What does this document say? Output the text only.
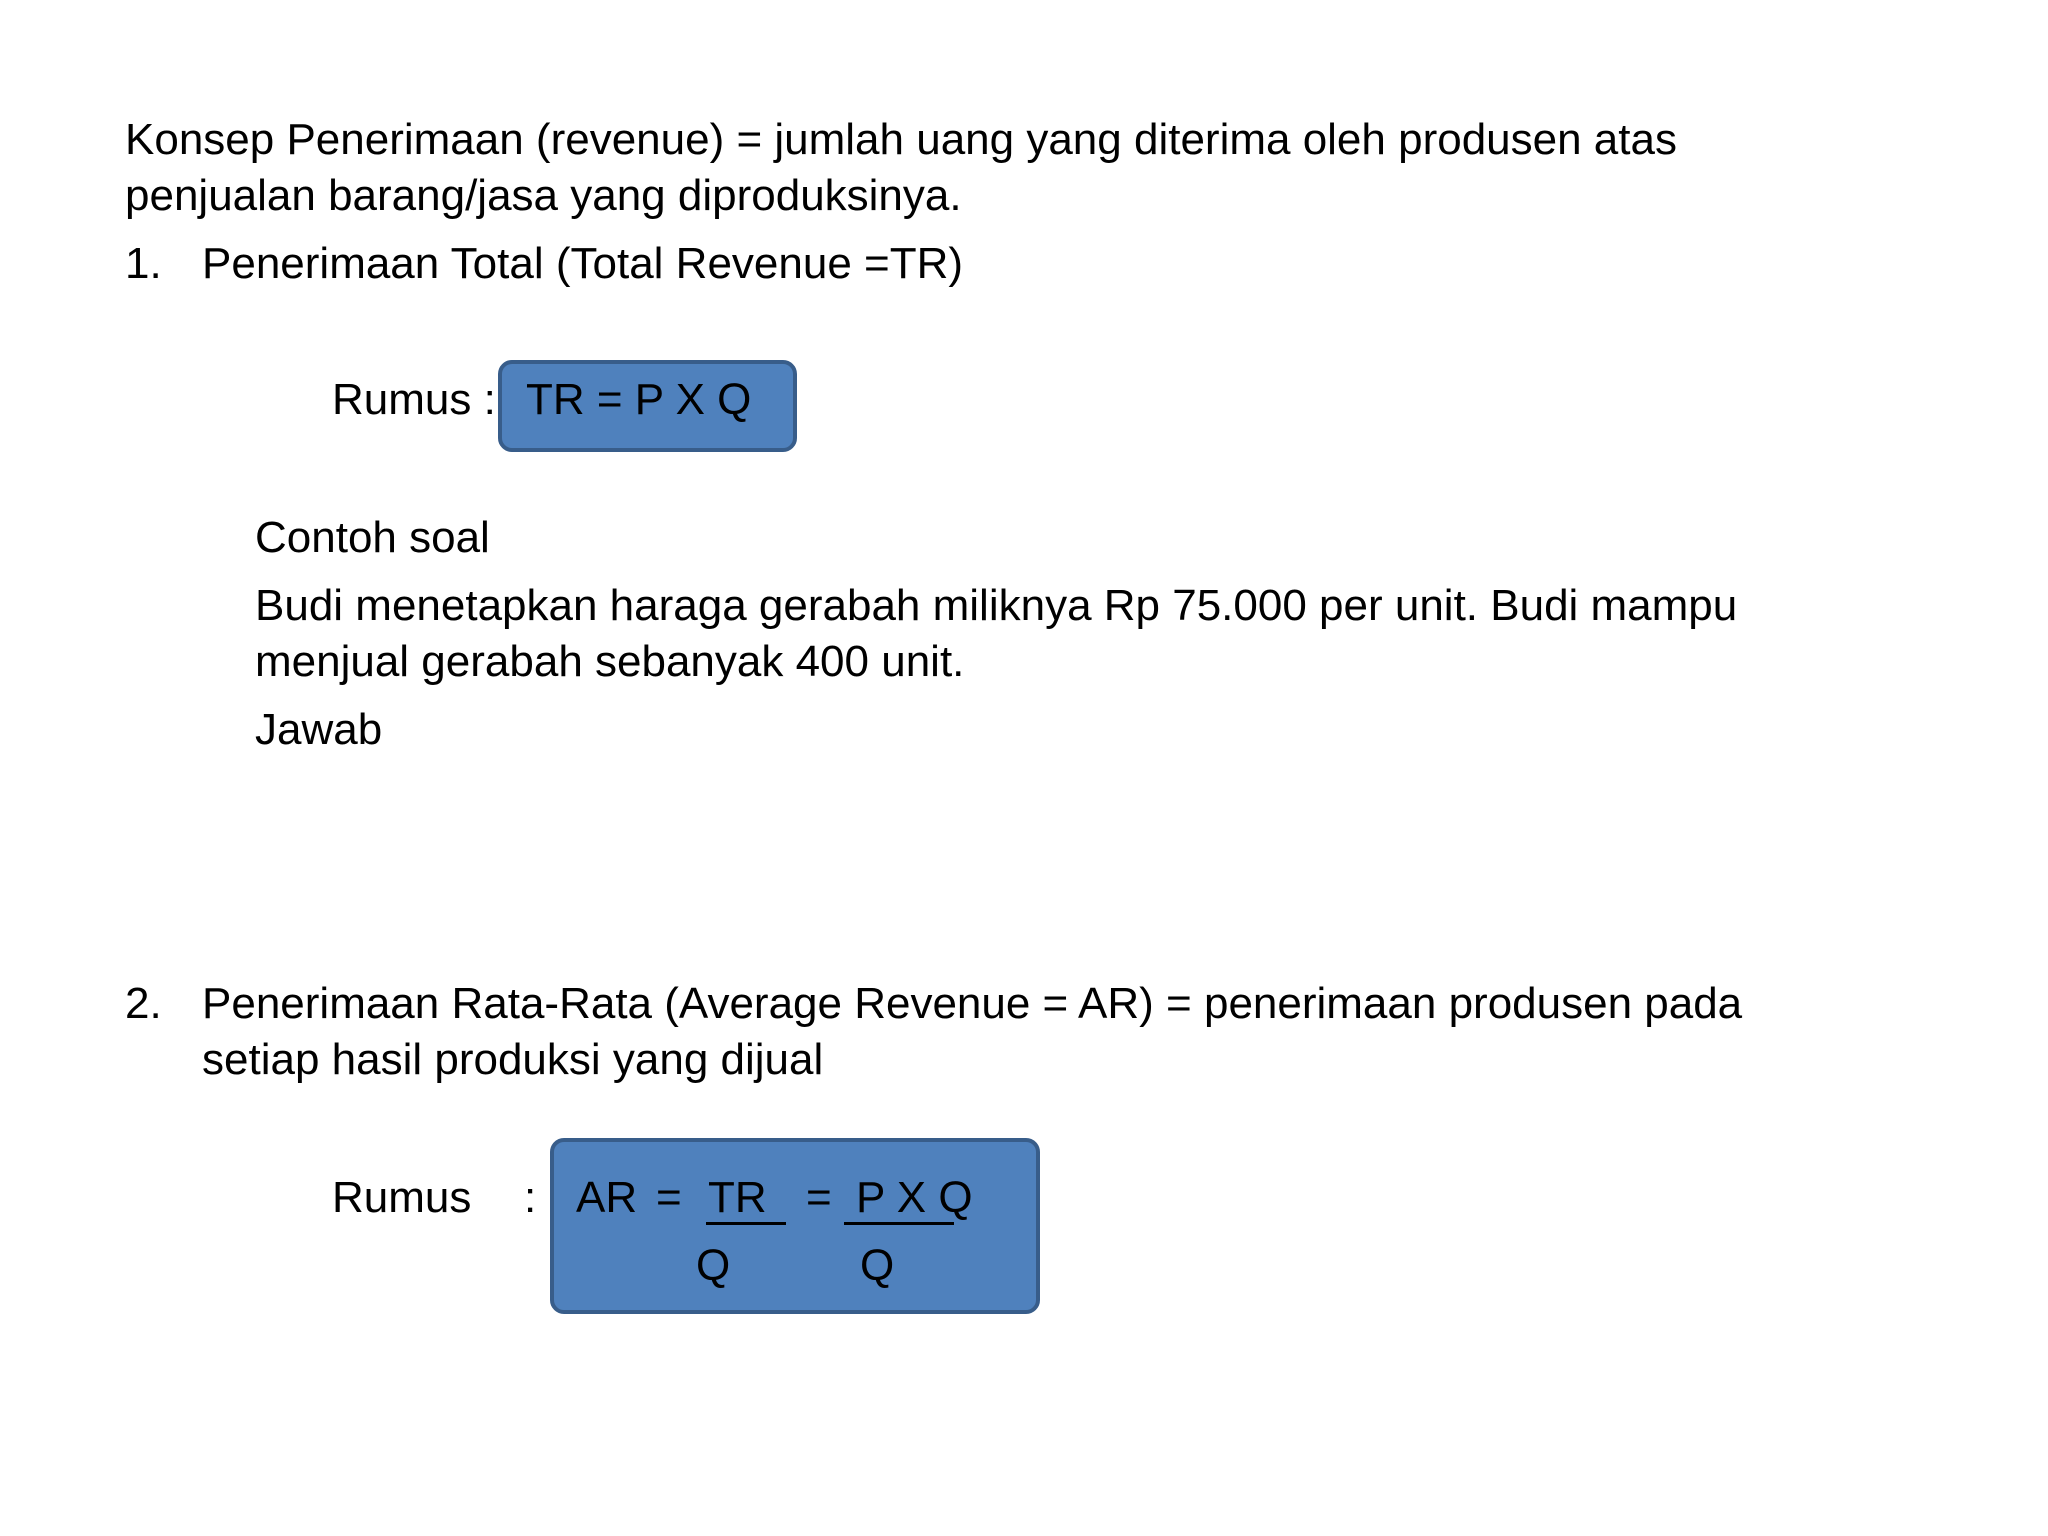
Konsep Penerimaan (revenue) = jumlah uang yang diterima oleh produsen atas
penjualan barang/jasa yang diproduksinya.
1. Penerimaan Total (Total Revenue =TR)
Rumus : TR = P X Q
Contoh soal
Budi menetapkan haraga gerabah miliknya Rp 75.000 per unit. Budi mampu
menjual gerabah sebanyak 400 unit.
Jawab
2. Penerimaan Rata-Rata (Average Revenue = AR) = penerimaan produsen pada
setiap hasil produksi yang dijual
Rumus : AR = TR = P X Q
Q	Q
